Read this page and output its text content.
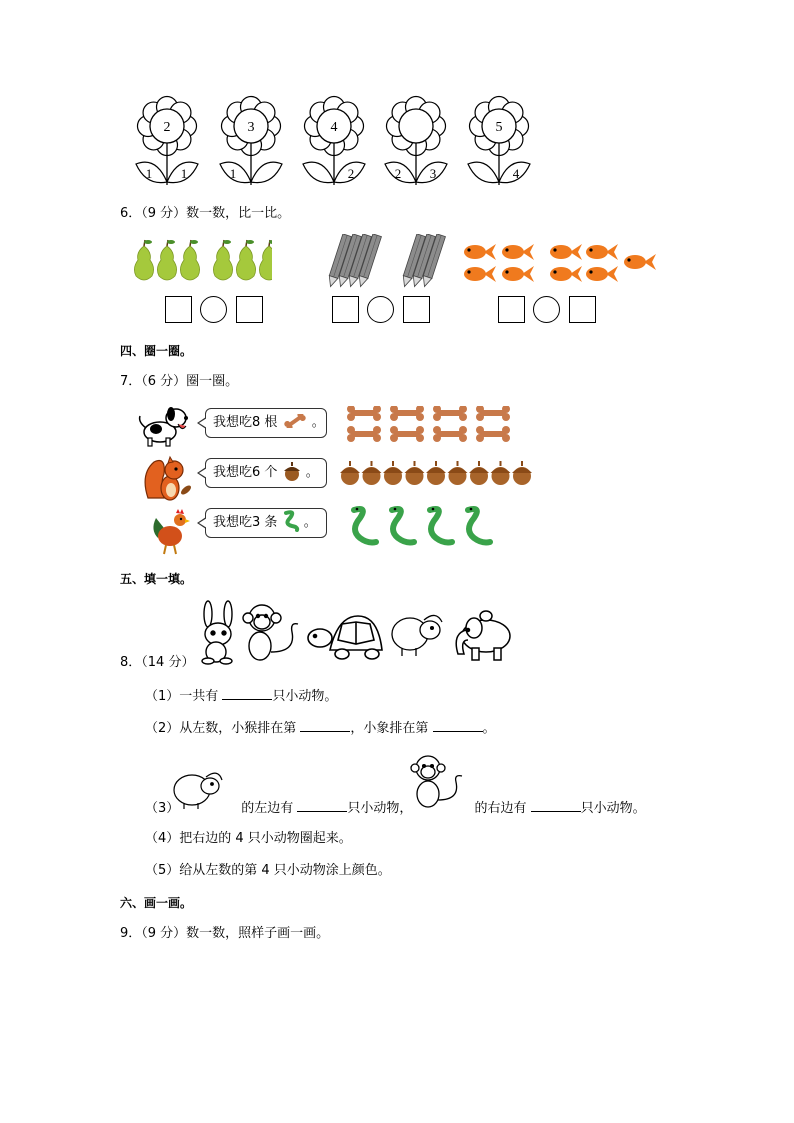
2
1 1
3
1
4
2	2 3
5
4
6．（9 分）数一数，比一比。
四、圈一圈。
7．（6 分）圈一圈。
我想吃8 根	。
我想吃6 个 。
我想吃3 条 。
五、填一填。
8．（14 分）
（1）一共有	只小动物。
（2）从左数，小猴排在第	，小象排在第	。
（3）	的左边有	只小动物，	的右边有	只小动物。
（4）把右边的 4 只小动物圈起来。
（5）给从左数的第 4 只小动物涂上颜色。
六、画一画。
9．（9 分）数一数，照样子画一画。
